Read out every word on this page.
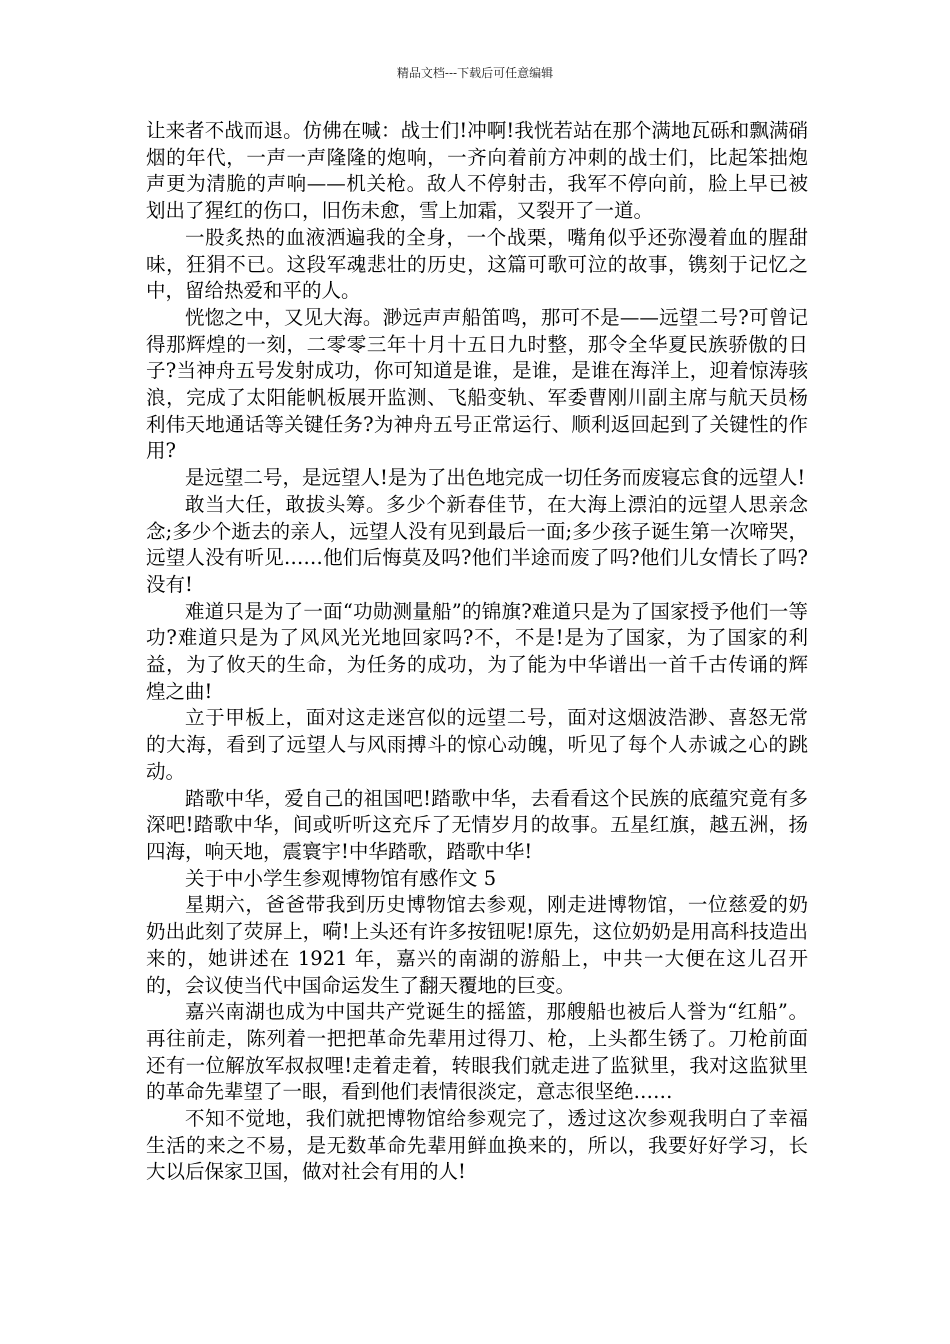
精品文档---下载后可任意编辑

让来者不战而退。仿佛在喊：战士们!冲啊!我恍若站在那个满地瓦砾和飘满硝烟的年代，一声一声隆隆的炮响，一齐向着前方冲刺的战士们，比起笨拙炮声更为清脆的声响——机关枪。敌人不停射击，我军不停向前，脸上早已被划出了猩红的伤口，旧伤未愈，雪上加霜，又裂开了一道。

一股炙热的血液洒遍我的全身，一个战栗，嘴角似乎还弥漫着血的腥甜味，狂狷不已。这段军魂悲壮的历史，这篇可歌可泣的故事，镌刻于记忆之中，留给热爱和平的人。

恍惚之中，又见大海。渺远声声船笛鸣，那可不是——远望二号?可曾记得那辉煌的一刻，二零零三年十月十五日九时整，那令全华夏民族骄傲的日子?当神舟五号发射成功，你可知道是谁，是谁，是谁在海洋上，迎着惊涛骇浪，完成了太阳能帆板展开监测、飞船变轨、军委曹刚川副主席与航天员杨利伟天地通话等关键任务?为神舟五号正常运行、顺利返回起到了关键性的作用?

是远望二号，是远望人!是为了出色地完成一切任务而废寝忘食的远望人!

敢当大任，敢拔头筹。多少个新春佳节，在大海上漂泊的远望人思亲念念;多少个逝去的亲人，远望人没有见到最后一面;多少孩子诞生第一次啼哭，远望人没有听见……他们后悔莫及吗?他们半途而废了吗?他们儿女情长了吗?没有!

难道只是为了一面“功勋测量船”的锦旗?难道只是为了国家授予他们一等功?难道只是为了风风光光地回家吗?不，不是!是为了国家，为了国家的利益，为了攸天的生命，为任务的成功，为了能为中华谱出一首千古传诵的辉煌之曲!

立于甲板上，面对这走迷宫似的远望二号，面对这烟波浩渺、喜怒无常的大海，看到了远望人与风雨搏斗的惊心动魄，听见了每个人赤诚之心的跳动。

踏歌中华，爱自己的祖国吧!踏歌中华，去看看这个民族的底蕴究竟有多深吧!踏歌中华，间或听听这充斥了无情岁月的故事。五星红旗，越五洲，扬四海，响天地，震寰宇!中华踏歌，踏歌中华!

关于中小学生参观博物馆有感作文 5

星期六，爸爸带我到历史博物馆去参观，刚走进博物馆，一位慈爱的奶奶出此刻了荧屏上，嗬!上头还有许多按钮呢!原先，这位奶奶是用高科技造出来的，她讲述在 1921 年，嘉兴的南湖的游船上，中共一大便在这儿召开的，会议使当代中国命运发生了翻天覆地的巨变。

嘉兴南湖也成为中国共产党诞生的摇篮，那艘船也被后人誉为“红船”。再往前走，陈列着一把把革命先辈用过得刀、枪，上头都生锈了。刀枪前面还有一位解放军叔叔哩!走着走着，转眼我们就走进了监狱里，我对这监狱里的革命先辈望了一眼，看到他们表情很淡定，意志很坚绝……

不知不觉地，我们就把博物馆给参观完了，透过这次参观我明白了幸福生活的来之不易，是无数革命先辈用鲜血换来的，所以，我要好好学习，长大以后保家卫国，做对社会有用的人!
